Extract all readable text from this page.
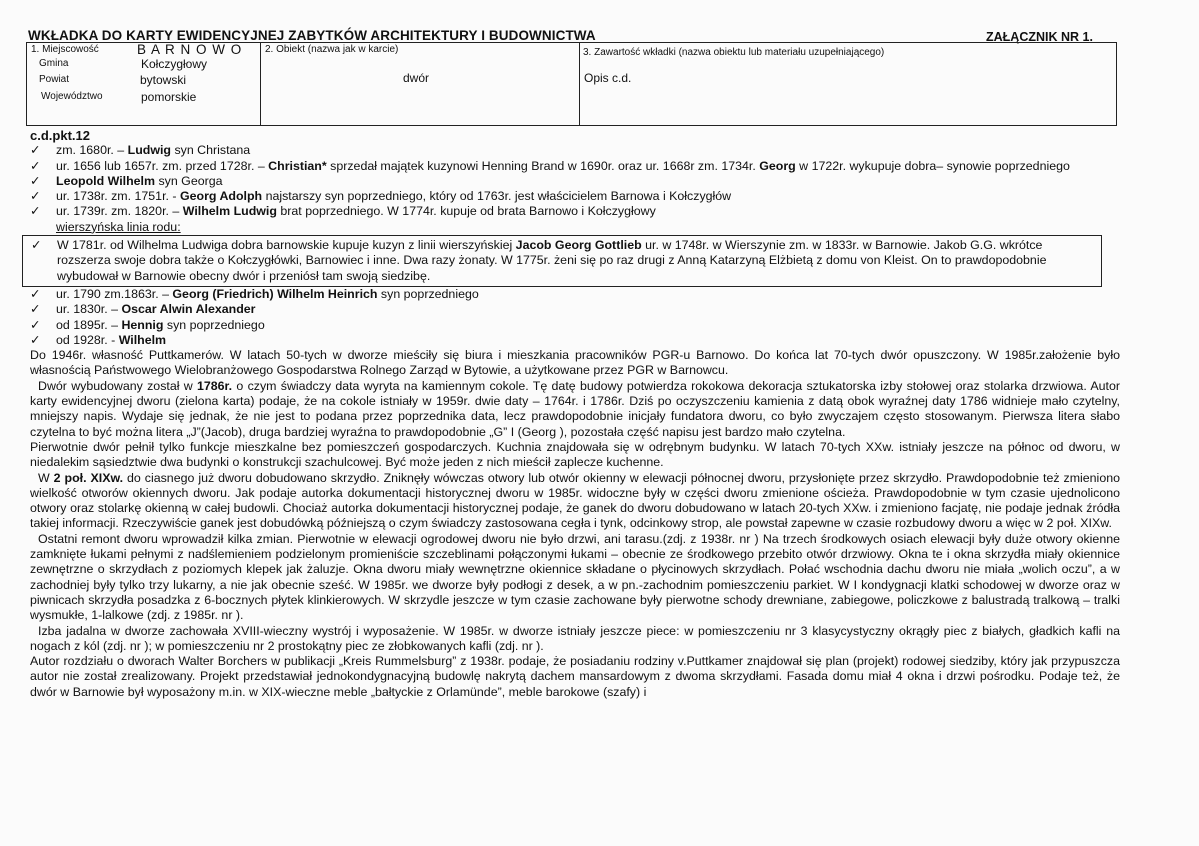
WKŁADKA DO KARTY EWIDENCYJNEJ ZABYTKÓW ARCHITEKTURY I BUDOWNICTWA	ZAŁĄCZNIK NR 1.
1. Miejscowość	B A R N O W O
Gmina	Kołczygłowy
Powiat	bytowski
Województwo	pomorskie
2. Obiekt (nazwa jak w karcie)
dwór
3. Zawartość wkładki (nazwa obiektu lub materiału uzupełniającego)
Opis c.d.

c.d.pkt.12

✓ zm. 1680r. – Ludwig syn Christana

✓ ur. 1656 lub 1657r. zm. przed 1728r. – Christian* sprzedał majątek kuzynowi Henning Brand w 1690r. oraz ur. 1668r zm. 1734r. Georg w 1722r. wykupuje dobra– synowie poprzedniego

✓ Leopold Wilhelm syn Georga

✓ ur. 1738r. zm. 1751r. - Georg Adolph najstarszy syn poprzedniego, który od 1763r. jest właścicielem Barnowa i Kołczygłów

✓ ur. 1739r. zm. 1820r. – Wilhelm Ludwig brat poprzedniego. W 1774r. kupuje od brata Barnowo i Kołczygłowy

wierszyńska linia rodu:

✓ W 1781r. od Wilhelma Ludwiga dobra barnowskie kupuje kuzyn z linii wierszyńskiej Jacob Georg Gottlieb ur. w 1748r. w Wierszynie zm. w 1833r. w Barnowie. Jakob G.G. wkrótce rozszerza swoje dobra także o Kołczygłówki, Barnowiec i inne. Dwa razy żonaty. W 1775r. żeni się po raz drugi z Anną Katarzyną Elżbietą z domu von Kleist. On to prawdopodobnie wybudował w Barnowie obecny dwór i przeniósł tam swoją siedzibę.

✓ ur. 1790 zm.1863r. – Georg (Friedrich) Wilhelm Heinrich syn poprzedniego

✓ ur. 1830r. – Oscar Alwin Alexander

✓ od 1895r. – Hennig syn poprzedniego

✓ od 1928r. - Wilhelm

Do 1946r. własność Puttkamerów. W latach 50-tych w dworze mieściły się biura i mieszkania pracowników PGR-u Barnowo. Do końca lat 70-tych dwór opuszczony. W 1985r.założenie było własnością Państwowego Wielobranżowego Gospodarstwa Rolnego Zarząd w Bytowie, a użytkowane przez PGR w Barnowcu.

Dwór wybudowany został w 1786r. o czym świadczy data wyryta na kamiennym cokole. Tę datę budowy potwierdza rokokowa dekoracja sztukatorska izby stołowej oraz stolarka drzwiowa. Autor karty ewidencyjnej dworu (zielona karta) podaje, że na cokole istniały w 1959r. dwie daty – 1764r. i 1786r. Dziś po oczyszczeniu kamienia z datą obok wyraźnej daty 1786 widnieje mało czytelny, mniejszy napis. Wydaje się jednak, że nie jest to podana przez poprzednika data, lecz prawdopodobnie inicjały fundatora dworu, co było zwyczajem często stosowanym. Pierwsza litera słabo czytelna to być można litera „J”(Jacob), druga bardziej wyraźna to prawdopodobnie „G” I (Georg ), pozostała część napisu jest bardzo mało czytelna.

Pierwotnie dwór pełnił tylko funkcje mieszkalne bez pomieszczeń gospodarczych. Kuchnia znajdowała się w odrębnym budynku. W latach 70-tych XXw. istniały jeszcze na północ od dworu, w niedalekim sąsiedztwie dwa budynki o konstrukcji szachulcowej. Być może jeden z nich mieścił zaplecze kuchenne.

W 2 poł. XIXw. do ciasnego już dworu dobudowano skrzydło. Zniknęły wówczas otwory lub otwór okienny w elewacji północnej dworu, przysłonięte przez skrzydło. Prawdopodobnie też zmieniono wielkość otworów okiennych dworu. Jak podaje autorka dokumentacji historycznej dworu w 1985r. widoczne były w części dworu zmienione ościeża. Prawdopodobnie w tym czasie ujednolicono otwory oraz stolarkę okienną w całej budowli. Chociaż autorka dokumentacji historycznej podaje, że ganek do dworu dobudowano w latach 20-tych XXw. i zmieniono facjatę, nie podaje jednak źródła takiej informacji. Rzeczywiście ganek jest dobudówką późniejszą o czym świadczy zastosowana cegła i tynk, odcinkowy strop, ale powstał zapewne w czasie rozbudowy dworu a więc w 2 poł. XIXw.

Ostatni remont dworu wprowadził kilka zmian. Pierwotnie w elewacji ogrodowej dworu nie było drzwi, ani tarasu.(zdj. z 1938r. nr ) Na trzech środkowych osiach elewacji były duże otwory okienne zamknięte łukami pełnymi z nadślemieniem podzielonym promieniście szczeblinami połączonymi łukami – obecnie ze środkowego przebito otwór drzwiowy. Okna te i okna skrzydła miały okiennice zewnętrzne o skrzydłach z poziomych klepek jak żaluzje. Okna dworu miały wewnętrzne okiennice składane o płycinowych skrzydłach. Połać wschodnia dachu dworu nie miała „wolich oczu”, a w zachodniej były tylko trzy lukarny, a nie jak obecnie sześć. W 1985r. we dworze były podłogi z desek, a w pn.-zachodnim pomieszczeniu parkiet. W I kondygnacji klatki schodowej w dworze oraz w piwnicach skrzydła posadzka z 6-bocznych płytek klinkierowych. W skrzydle jeszcze w tym czasie zachowane były pierwotne schody drewniane, zabiegowe, policzkowe z balustradą tralkową – tralki wysmukłe, 1-lalkowe (zdj. z 1985r. nr ).

Izba jadalna w dworze zachowała XVIII-wieczny wystrój i wyposażenie. W 1985r. w dworze istniały jeszcze piece: w pomieszczeniu nr 3 klasycystyczny okrągły piec z białych, gładkich kafli na nogach z kól (zdj. nr ); w pomieszczeniu nr 2 prostokątny piec ze złobkowanych kafli (zdj. nr ).

Autor rozdziału o dworach Walter Borchers w publikacji „Kreis Rummelsburg” z 1938r. podaje, że posiadaniu rodziny v.Puttkamer znajdował się plan (projekt) rodowej siedziby, który jak przypuszcza autor nie został zrealizowany. Projekt przedstawiał jednokondygnacyjną budowlę nakrytą dachem mansardowym z dwoma skrzydłami. Fasada domu miał 4 okna i drzwi pośrodku. Podaje też, że dwór w Barnowie był wyposażony m.in. w XIX-wieczne meble „bałtyckie z Orlamünde”, meble barokowe (szafy) i
